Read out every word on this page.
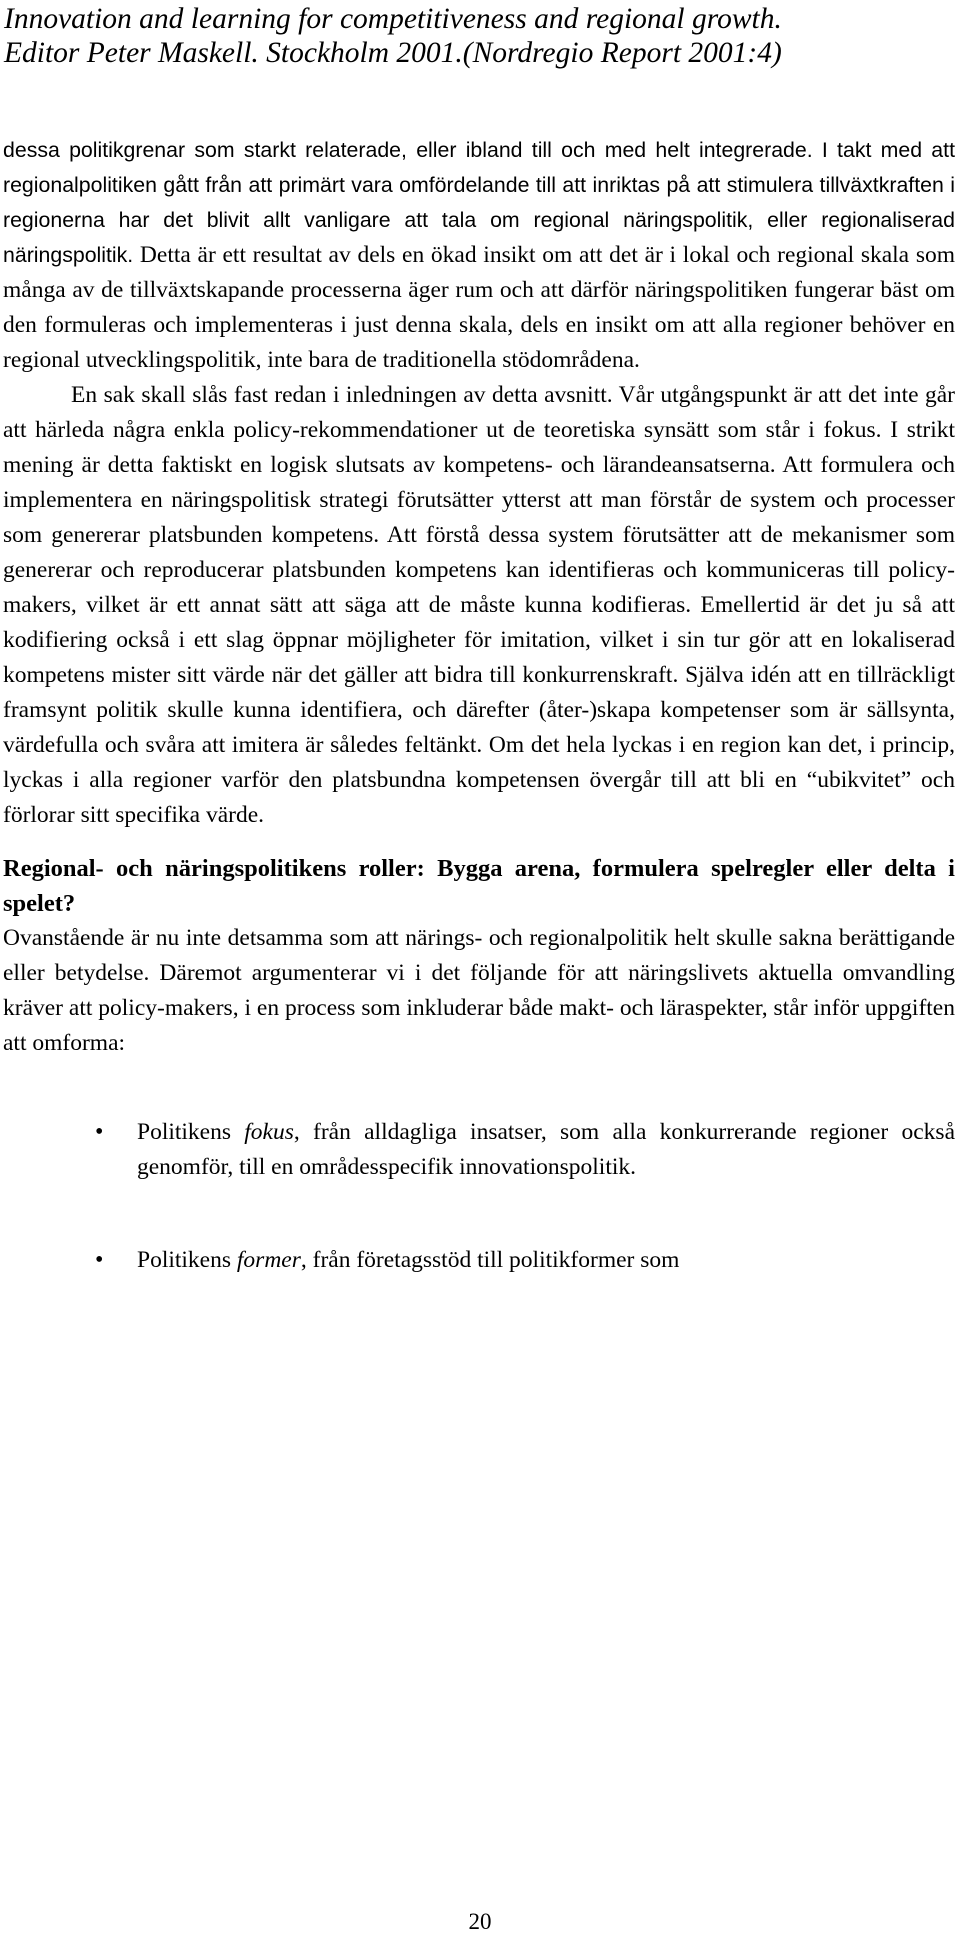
Innovation and learning for competitiveness and regional growth.
Editor Peter Maskell. Stockholm 2001.(Nordregio Report 2001:4)

dessa politikgrenar som starkt relaterade, eller ibland till och med helt integrerade. I takt med att regionalpolitiken gått från att primärt vara omfördelande till att inriktas på att stimulera tillväxtkraften i regionerna har det blivit allt vanligare att tala om regional näringspolitik, eller regionaliserad näringspolitik. Detta är ett resultat av dels en ökad insikt om att det är i lokal och regional skala som många av de tillväxtskapande processerna äger rum och att därför näringspolitiken fungerar bäst om den formuleras och implementeras i just denna skala, dels en insikt om att alla regioner behöver en regional utvecklingspolitik, inte bara de traditionella stödområdena.

En sak skall slås fast redan i inledningen av detta avsnitt. Vår utgångspunkt är att det inte går att härleda några enkla policy-rekommendationer ut de teoretiska synsätt som står i fokus. I strikt mening är detta faktiskt en logisk slutsats av kompetens- och lärandeansatserna. Att formulera och implementera en näringspolitisk strategi förutsätter ytterst att man förstår de system och processer som genererar platsbunden kompetens. Att förstå dessa system förutsätter att de mekanismer som genererar och reproducerar platsbunden kompetens kan identifieras och kommuniceras till policy-makers, vilket är ett annat sätt att säga att de måste kunna kodifieras. Emellertid är det ju så att kodifiering också i ett slag öppnar möjligheter för imitation, vilket i sin tur gör att en lokaliserad kompetens mister sitt värde när det gäller att bidra till konkurrenskraft. Själva idén att en tillräckligt framsynt politik skulle kunna identifiera, och därefter (åter-)skapa kompetenser som är sällsynta, värdefulla och svåra att imitera är således feltänkt. Om det hela lyckas i en region kan det, i princip, lyckas i alla regioner varför den platsbundna kompetensen övergår till att bli en “ubikvitet” och förlorar sitt specifika värde.

Regional- och näringspolitikens roller: Bygga arena, formulera spelregler eller delta i spelet?

Ovanstående är nu inte detsamma som att närings- och regionalpolitik helt skulle sakna berättigande eller betydelse. Däremot argumenterar vi i det följande för att näringslivets aktuella omvandling kräver att policy-makers, i en process som inkluderar både makt- och läraspekter, står inför uppgiften att omforma:

• Politikens fokus, från alldagliga insatser, som alla konkurrerande regioner också genomför, till en områdesspecifik innovationspolitik.
• Politikens former, från företagsstöd till politikformer som
20
